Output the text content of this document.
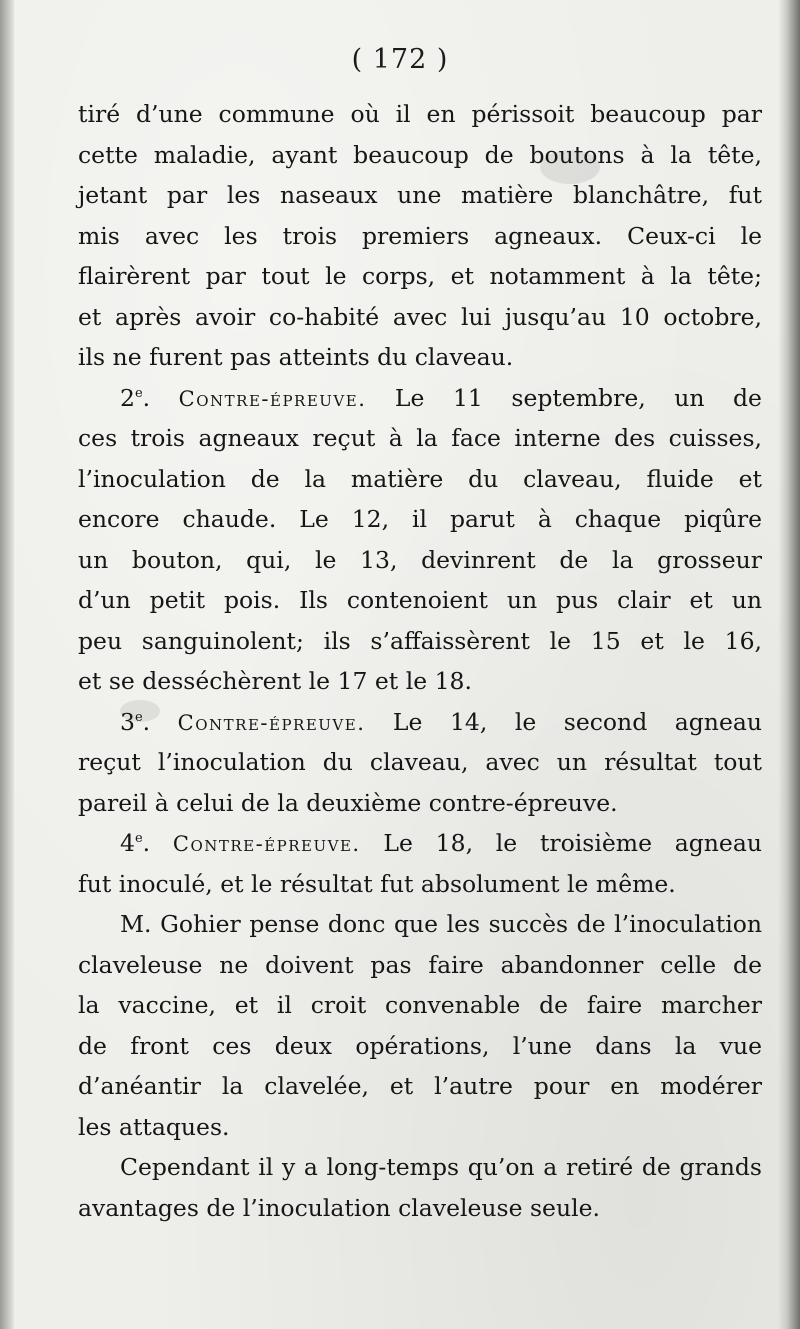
( 172 )

tiré d’une commune où il en périssoit beaucoup par
cette maladie, ayant beaucoup de boutons à la tête,
jetant par les naseaux une matière blanchâtre, fut
mis avec les trois premiers agneaux. Ceux-ci le
flairèrent par tout le corps, et notamment à la tête;
et après avoir co-habité avec lui jusqu’au 10 octobre,
ils ne furent pas atteints du claveau.

2e. Contre-épreuve. Le 11 septembre, un de
ces trois agneaux reçut à la face interne des cuisses,
l’inoculation de la matière du claveau, fluide et
encore chaude. Le 12, il parut à chaque piqûre
un bouton, qui, le 13, devinrent de la grosseur
d’un petit pois. Ils contenoient un pus clair et un
peu sanguinolent; ils s’affaissèrent le 15 et le 16,
et se desséchèrent le 17 et le 18.

3e. Contre-épreuve. Le 14, le second agneau
reçut l’inoculation du claveau, avec un résultat tout
pareil à celui de la deuxième contre-épreuve.

4e. Contre-épreuve. Le 18, le troisième agneau
fut inoculé, et le résultat fut absolument le même.

M. Gohier pense donc que les succès de l’inoculation
claveleuse ne doivent pas faire abandonner celle de
la vaccine, et il croit convenable de faire marcher
de front ces deux opérations, l’une dans la vue
d’anéantir la clavelée, et l’autre pour en modérer
les attaques.

Cependant il y a long-temps qu’on a retiré de grands
avantages de l’inoculation claveleuse seule.
